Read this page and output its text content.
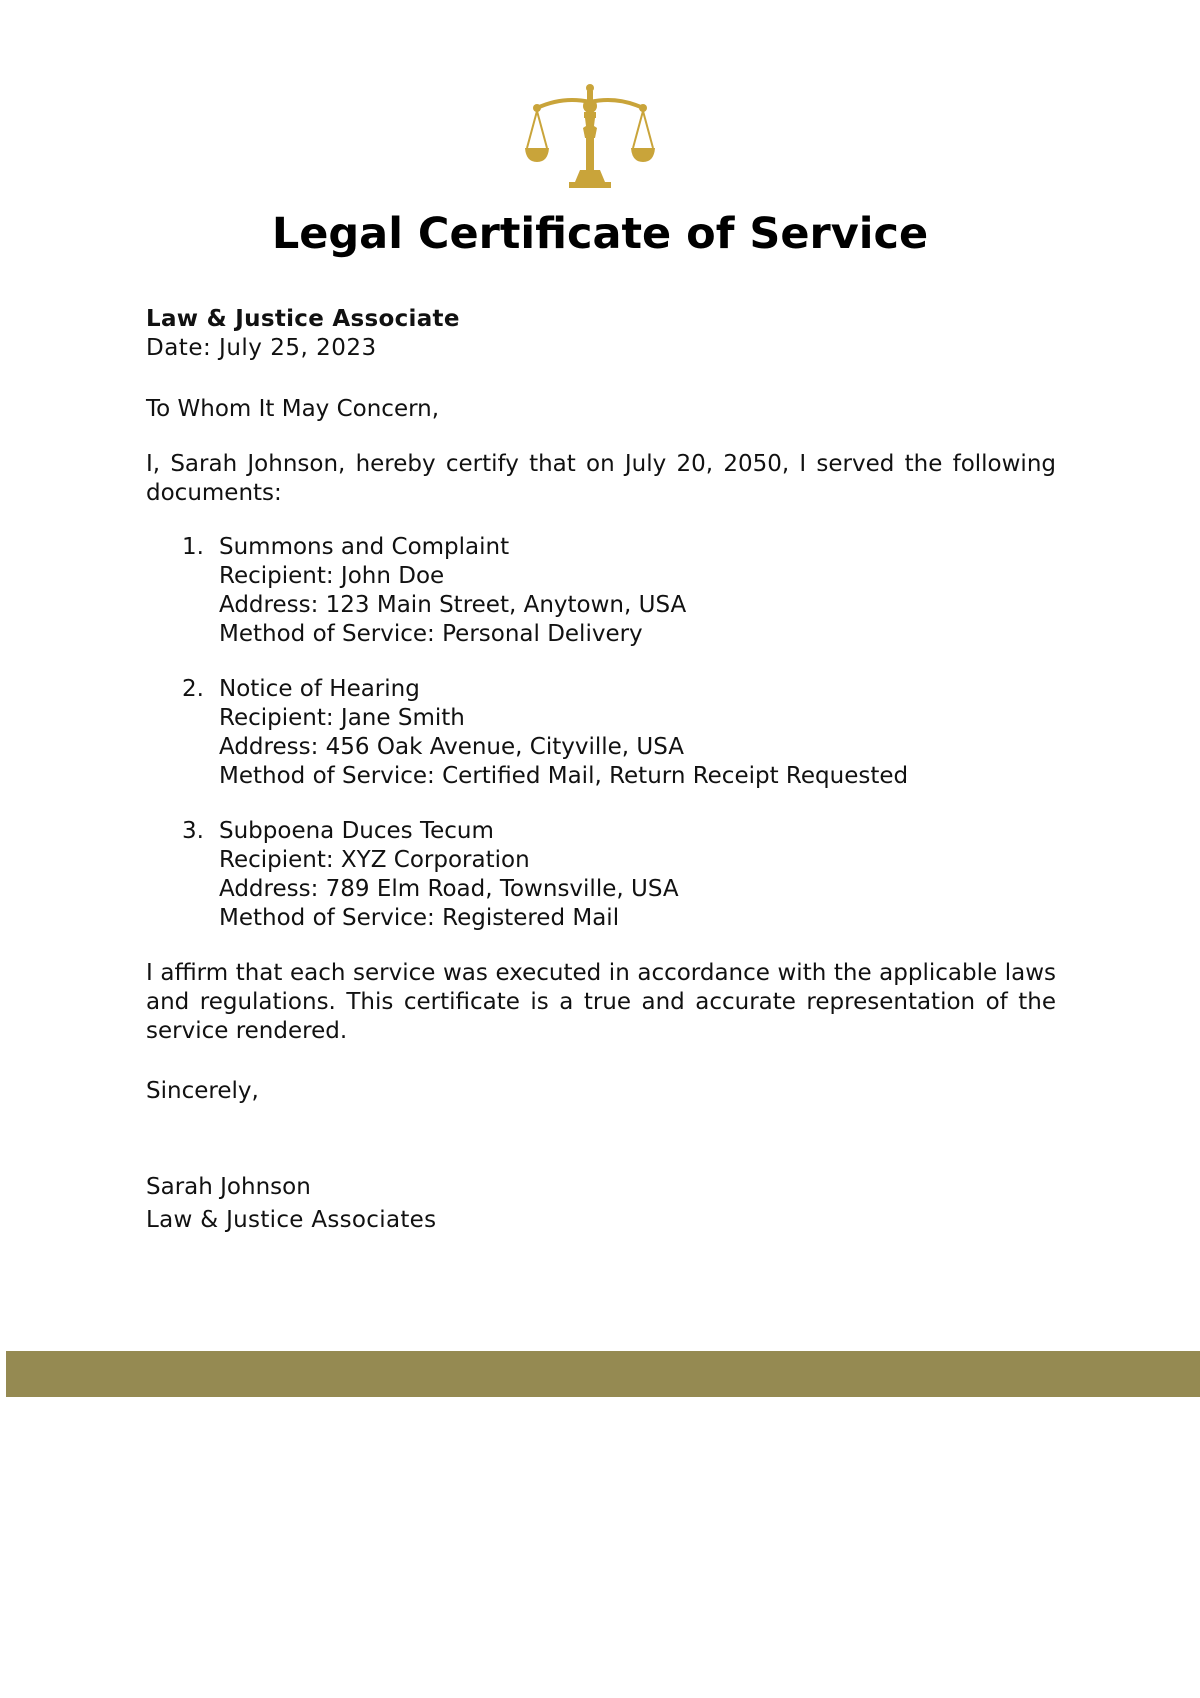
Legal Certificate of Service
Law & Justice Associate
Date: July 25, 2023
To Whom It May Concern,
I, Sarah Johnson, hereby certify that on July 20, 2050, I served the following documents:
1. Summons and Complaint
Recipient: John Doe
Address: 123 Main Street, Anytown, USA
Method of Service: Personal Delivery
2. Notice of Hearing
Recipient: Jane Smith
Address: 456 Oak Avenue, Cityville, USA
Method of Service: Certified Mail, Return Receipt Requested
3. Subpoena Duces Tecum
Recipient: XYZ Corporation
Address: 789 Elm Road, Townsville, USA
Method of Service: Registered Mail
I affirm that each service was executed in accordance with the applicable laws and regulations. This certificate is a true and accurate representation of the service rendered.
Sincerely,
Sarah Johnson
Law & Justice Associates
